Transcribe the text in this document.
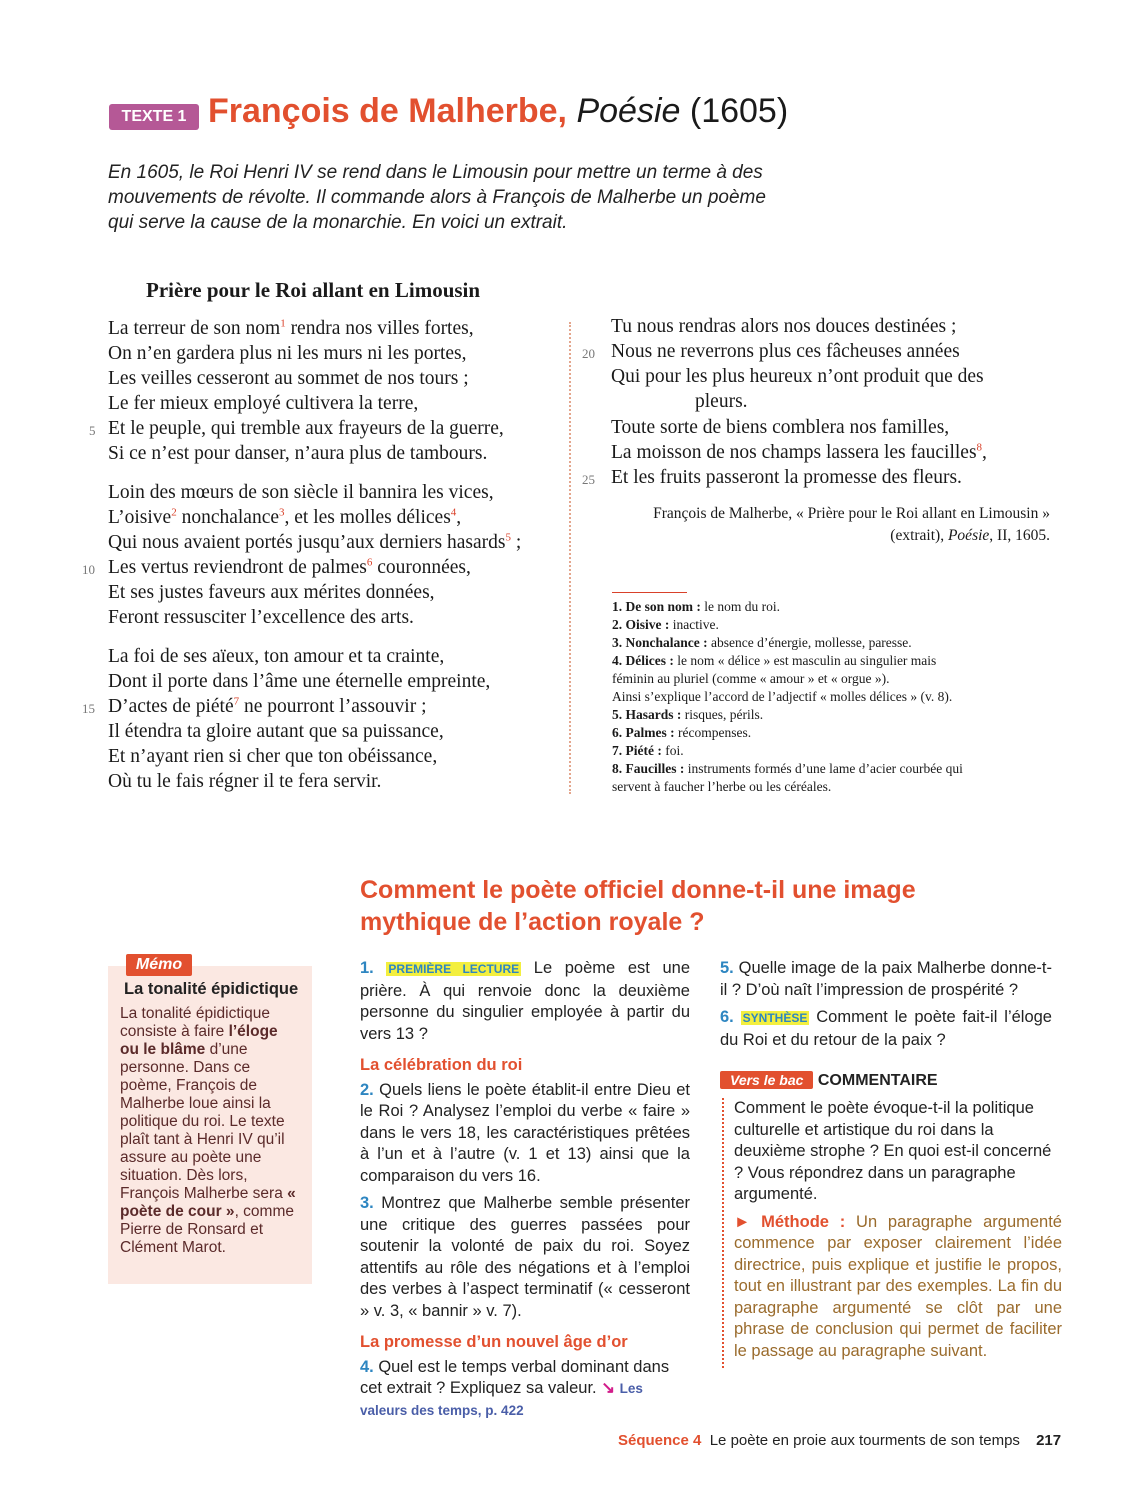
TEXTE 1 François de Malherbe, Poésie (1605)
En 1605, le Roi Henri IV se rend dans le Limousin pour mettre un terme à des mouvements de révolte. Il commande alors à François de Malherbe un poème qui serve la cause de la monarchie. En voici un extrait.
Prière pour le Roi allant en Limousin
La terreur de son nom$^1$ rendra nos villes fortes,
On n’en gardera plus ni les murs ni les portes,
Les veilles cesseront au sommet de nos tours ;
Le fer mieux employé cultivera la terre,
Et le peuple, qui tremble aux frayeurs de la guerre,
Si ce n’est pour danser, n’aura plus de tambours.
Loin des mœurs de son siècle il bannira les vices,
L’oisive$^2$ nonchalance$^3$, et les molles délices$^4$,
Qui nous avaient portés jusqu’aux derniers hasards$^5$ ;
Les vertus reviendront de palmes$^6$ couronnées,
Et ses justes faveurs aux mérites données,
Feront ressusciter l’excellence des arts.
La foi de ses aïeux, ton amour et ta crainte,
Dont il porte dans l’âme une éternelle empreinte,
D’actes de piété$^7$ ne pourront l’assouvir ;
Il étendra ta gloire autant que sa puissance,
Et n’ayant rien si cher que ton obéissance,
Où tu le fais régner il te fera servir.
5
10
15
Tu nous rendras alors nos douces destinées ;
Nous ne reverrons plus ces fâcheuses années
Qui pour les plus heureux n’ont produit que des
pleurs.
Toute sorte de biens comblera nos familles,
La moisson de nos champs lassera les faucilles$^8$,
Et les fruits passeront la promesse des fleurs.
20
25
François de Malherbe, « Prière pour le Roi allant en Limousin »
(extrait), Poésie, II, 1605.
1. De son nom : le nom du roi.
2. Oisive : inactive.
3. Nonchalance : absence d’énergie, mollesse, paresse.
4. Délices : le nom « délice » est masculin au singulier mais
féminin au pluriel (comme « amour » et « orgue »).
Ainsi s’explique l’accord de l’adjectif « molles délices » (v. 8).
5. Hasards : risques, périls.
6. Palmes : récompenses.
7. Piété : foi.
8. Faucilles : instruments formés d’une lame d’acier courbée qui
servent à faucher l’herbe ou les céréales.
Comment le poète officiel donne-t-il une image mythique de l’action royale ?
Mémo
La tonalité épidictique
La tonalité épidictique consiste à faire l’éloge ou le blâme d’une personne. Dans ce poème, François de Malherbe loue ainsi la politique du roi. Le texte plaît tant à Henri IV qu’il assure au poète une situation. Dès lors, François Malherbe sera « poète de cour », comme Pierre de Ronsard et Clément Marot.

1. PREMIÈRE LECTURE Le poème est une prière. À qui renvoie donc la deuxième personne du singulier employée à partir du vers 13 ?

La célébration du roi

2. Quels liens le poète établit-il entre Dieu et le Roi ? Analysez l’emploi du verbe « faire » dans le vers 18, les caractéristiques prêtées à l’un et à l’autre (v. 1 et 13) ainsi que la comparaison du vers 16.

3. Montrez que Malherbe semble présenter une critique des guerres passées pour soutenir la volonté de paix du roi. Soyez attentifs au rôle des négations et à l’emploi des verbes à l’aspect terminatif (« cesseront » v. 3, « bannir » v. 7).

La promesse d’un nouvel âge d’or

4. Quel est le temps verbal dominant dans cet extrait ? Expliquez sa valeur. ↘ Les valeurs des temps, p. 422

5. Quelle image de la paix Malherbe donne-t-il ? D’où naît l’impression de prospérité ?

6. SYNTHÈSE Comment le poète fait-il l’éloge du Roi et du retour de la paix ?

Vers le bac COMMENTAIRE

Comment le poète évoque-t-il la politique culturelle et artistique du roi dans la deuxième strophe ? En quoi est-il concerné ? Vous répondrez dans un paragraphe argumenté.

► Méthode : Un paragraphe argumenté commence par exposer clairement l’idée directrice, puis explique et justifie le propos, tout en illustrant par des exemples. La fin du paragraphe argumenté se clôt par une phrase de conclusion qui permet de faciliter le passage au paragraphe suivant.

Séquence 4 Le poète en proie aux tourments de son temps 217
